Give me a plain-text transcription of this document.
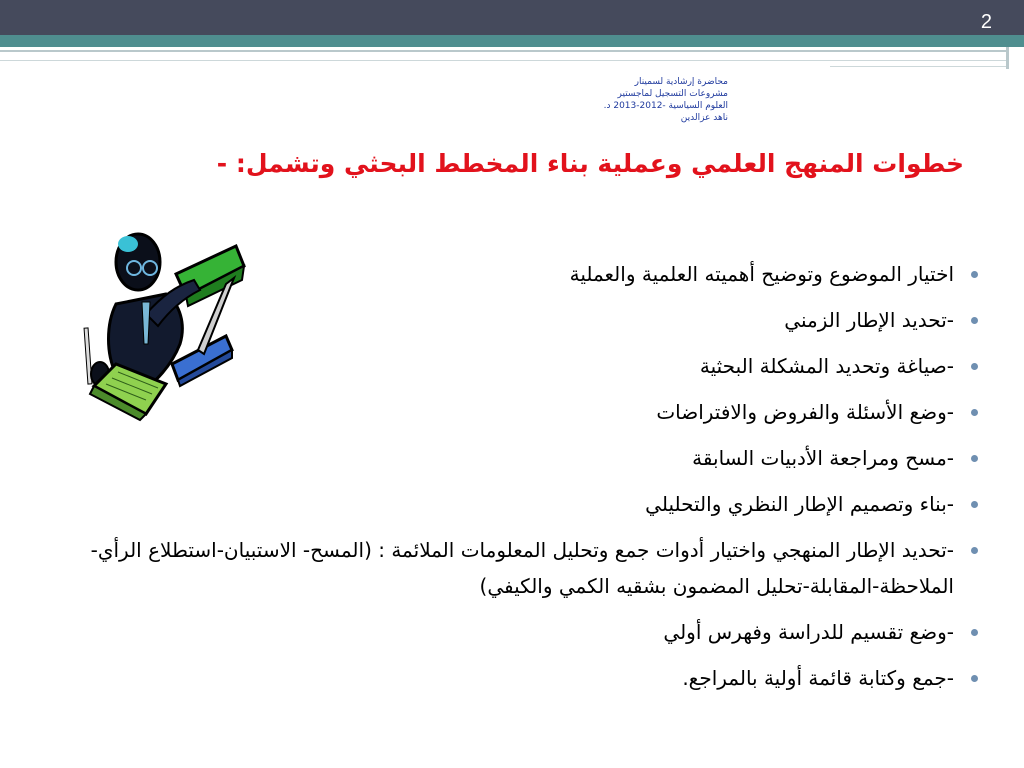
2
محاضرة إرشادية لسمينار
مشروعات التسجيل لماجستير
العلوم السياسية -2012-2013 د.
ناهد عزالدين
خطوات المنهج العلمي وعملية بناء المخطط البحثي وتشمل: -
اختيار الموضوع وتوضيح أهميته العلمية والعملية
-تحديد الإطار الزمني
-صياغة وتحديد المشكلة البحثية
-وضع الأسئلة والفروض والافتراضات
-مسح ومراجعة الأدبيات السابقة
-بناء وتصميم الإطار النظري والتحليلي
-تحديد الإطار المنهجي واختيار أدوات جمع وتحليل المعلومات الملائمة : (المسح- الاستبيان-استطلاع الرأي-الملاحظة-المقابلة-تحليل المضمون بشقيه الكمي والكيفي)
-وضع تقسيم للدراسة وفهرس أولي
-جمع وكتابة قائمة أولية بالمراجع.
